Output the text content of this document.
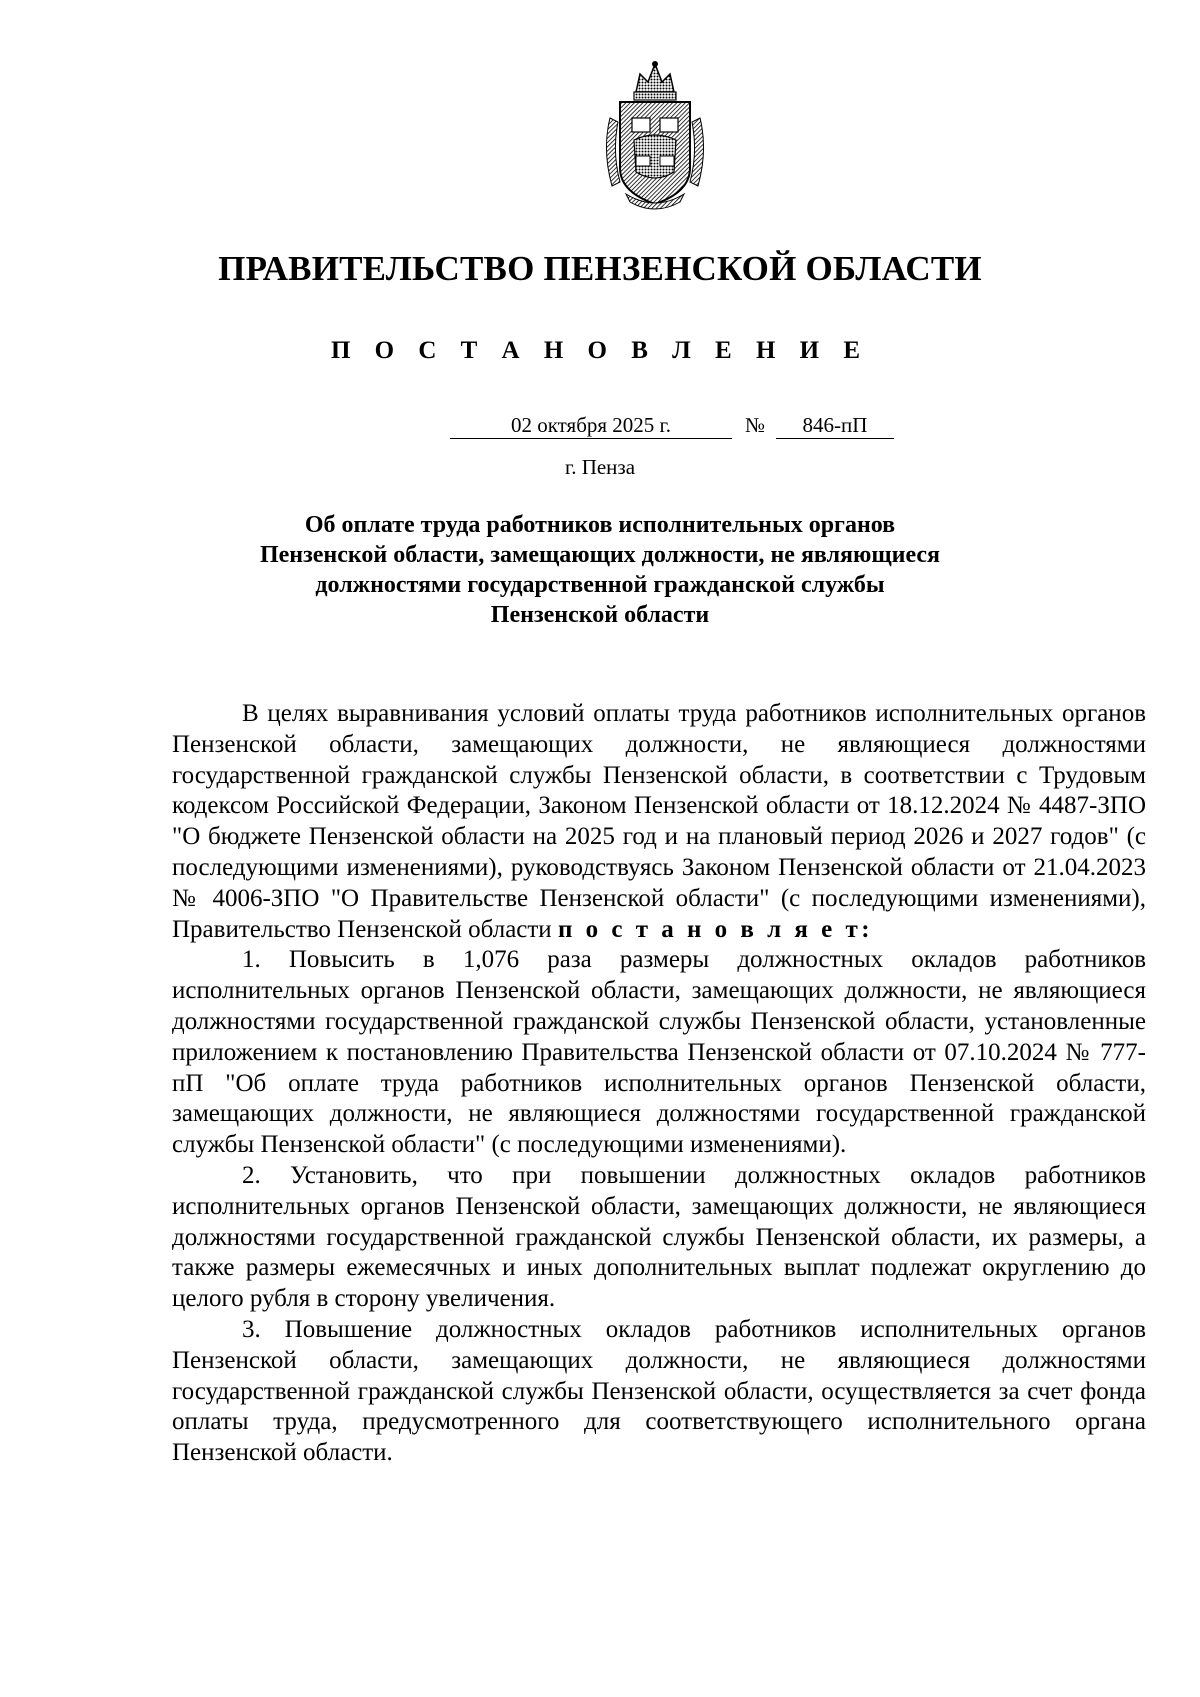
ПРАВИТЕЛЬСТВО ПЕНЗЕНСКОЙ ОБЛАСТИ
П О С Т А Н О В Л Е Н И Е
02 октября 2025 г.	№	846-пП
г. Пенза
Об оплате труда работников исполнительных органов
Пензенской области, замещающих должности, не являющиеся
должностями государственной гражданской службы
Пензенской области

В целях выравнивания условий оплаты труда работников исполнительных органов Пензенской области, замещающих должности, не являющиеся должностями государственной гражданской службы Пензенской области, в соответствии с Трудовым кодексом Российской Федерации, Законом Пензенской области от 18.12.2024 № 4487-ЗПО "О бюджете Пензенской области на 2025 год и на плановый период 2026 и 2027 годов" (с последующими изменениями), руководствуясь Законом Пензенской области от 21.04.2023 № 4006-ЗПО "О Правительстве Пензенской области" (с последующими изменениями), Правительство Пензенской области п о с т а н о в л я е т:

1. Повысить в 1,076 раза размеры должностных окладов работников исполнительных органов Пензенской области, замещающих должности, не являющиеся должностями государственной гражданской службы Пензенской области, установленные приложением к постановлению Правительства Пензенской области от 07.10.2024 № 777-пП "Об оплате труда работников исполнительных органов Пензенской области, замещающих должности, не являющиеся должностями государственной гражданской службы Пензенской области" (с последующими изменениями).

2. Установить, что при повышении должностных окладов работников исполнительных органов Пензенской области, замещающих должности, не являющиеся должностями государственной гражданской службы Пензенской области, их размеры, а также размеры ежемесячных и иных дополнительных выплат подлежат округлению до целого рубля в сторону увеличения.

3. Повышение должностных окладов работников исполнительных органов Пензенской области, замещающих должности, не являющиеся должностями государственной гражданской службы Пензенской области, осуществляется за счет фонда оплаты труда, предусмотренного для соответствующего исполнительного органа Пензенской области.
